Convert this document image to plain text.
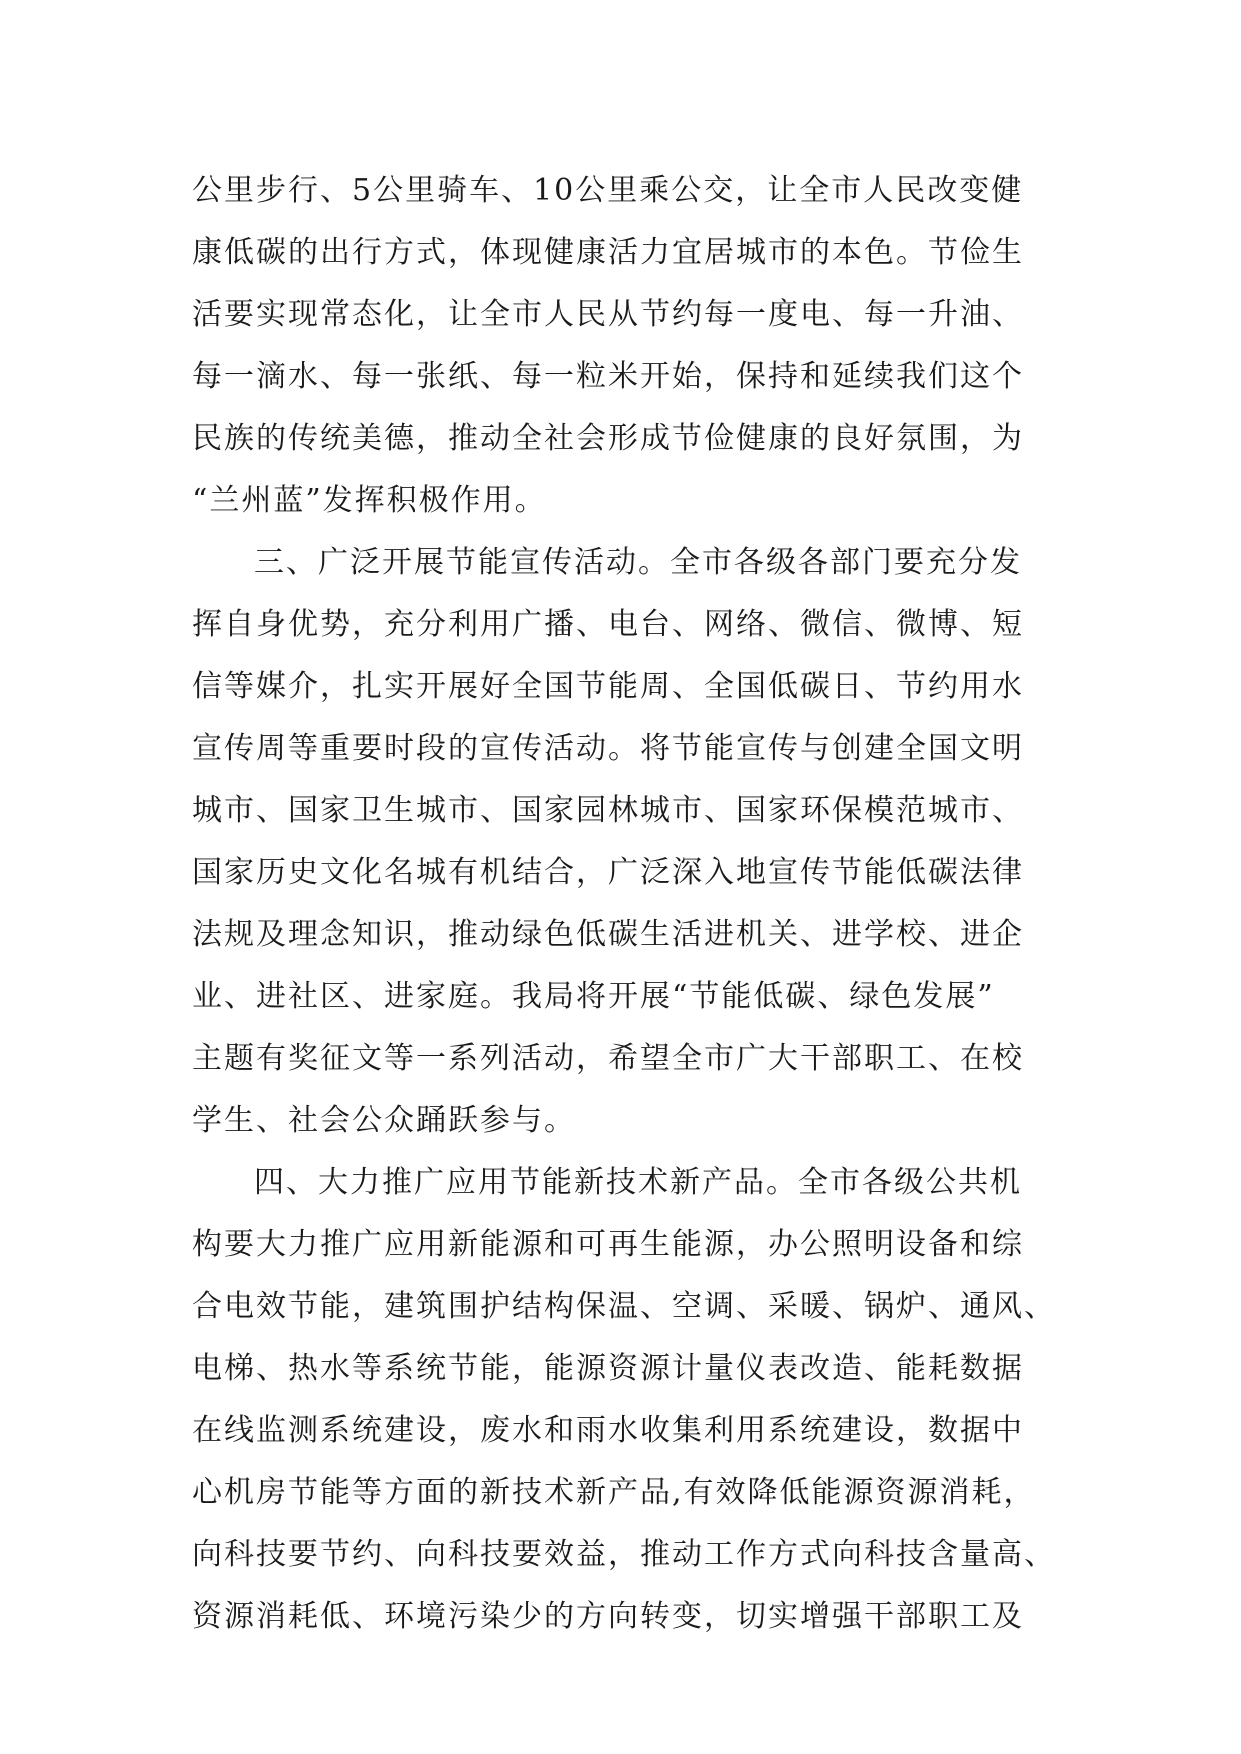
公里步行、5公里骑车、10公里乘公交，让全市人民改变健
康低碳的出行方式，体现健康活力宜居城市的本色。节俭生
活要实现常态化，让全市人民从节约每一度电、每一升油、
每一滴水、每一张纸、每一粒米开始，保持和延续我们这个
民族的传统美德，推动全社会形成节俭健康的良好氛围，为
“兰州蓝”发挥积极作用。
三、广泛开展节能宣传活动。全市各级各部门要充分发
挥自身优势，充分利用广播、电台、网络、微信、微博、短
信等媒介，扎实开展好全国节能周、全国低碳日、节约用水
宣传周等重要时段的宣传活动。将节能宣传与创建全国文明
城市、国家卫生城市、国家园林城市、国家环保模范城市、
国家历史文化名城有机结合，广泛深入地宣传节能低碳法律
法规及理念知识，推动绿色低碳生活进机关、进学校、进企
业、进社区、进家庭。我局将开展“节能低碳、绿色发展”
主题有奖征文等一系列活动，希望全市广大干部职工、在校
学生、社会公众踊跃参与。
四、大力推广应用节能新技术新产品。全市各级公共机
构要大力推广应用新能源和可再生能源，办公照明设备和综
合电效节能，建筑围护结构保温、空调、采暖、锅炉、通风、
电梯、热水等系统节能，能源资源计量仪表改造、能耗数据
在线监测系统建设，废水和雨水收集利用系统建设，数据中
心机房节能等方面的新技术新产品,有效降低能源资源消耗，
向科技要节约、向科技要效益，推动工作方式向科技含量高、
资源消耗低、环境污染少的方向转变，切实增强干部职工及
